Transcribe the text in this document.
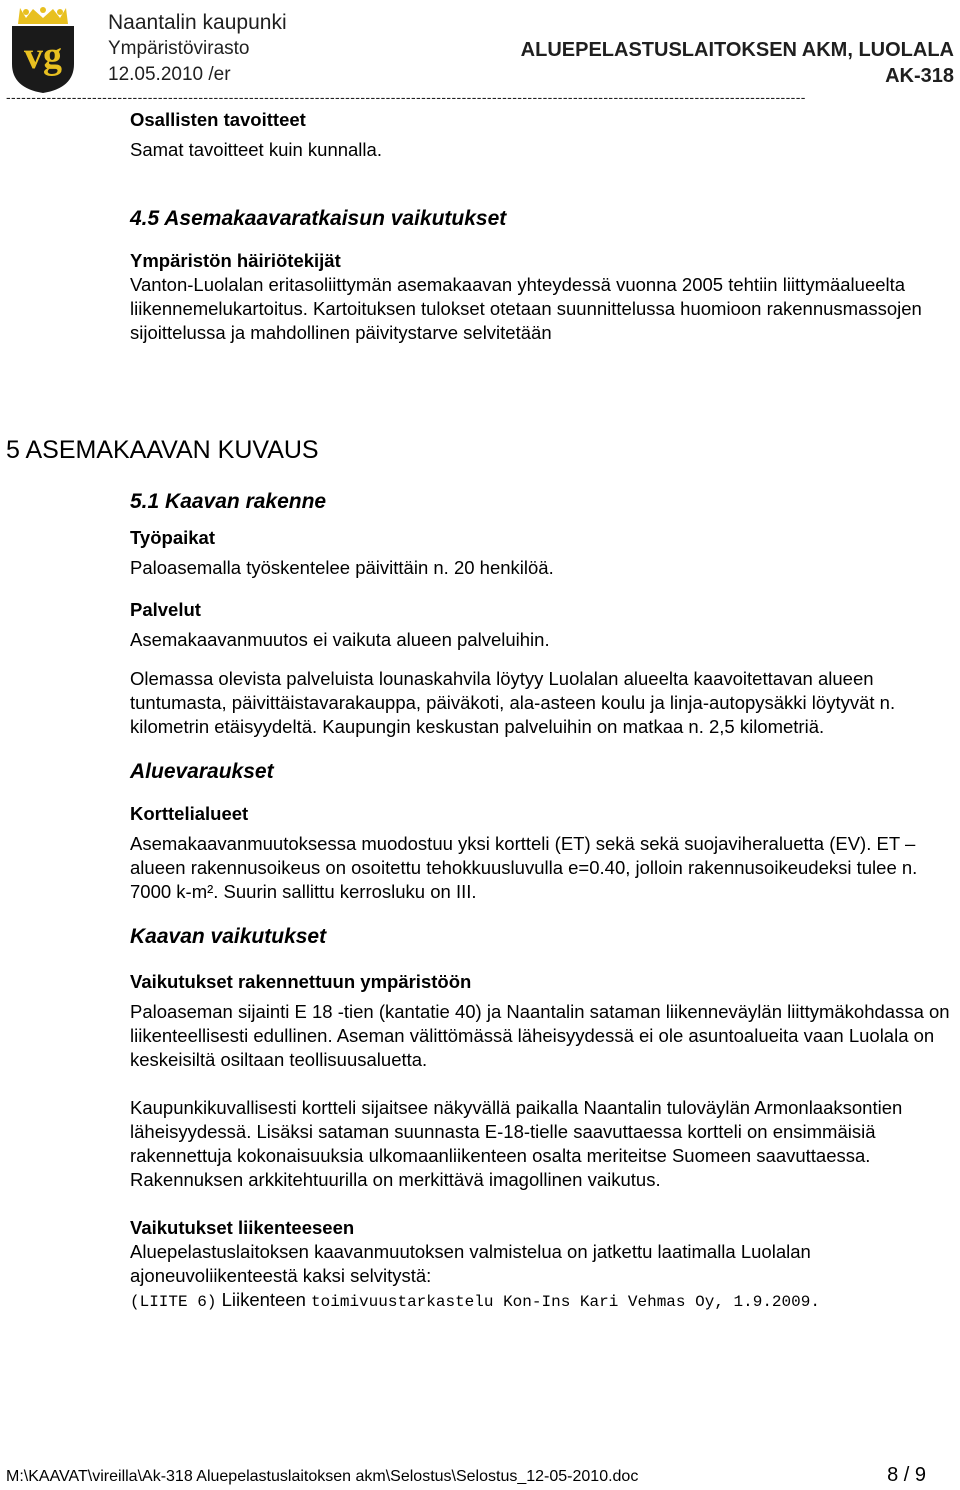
vg
Naantalin kaupunki
Ympäristövirasto
12.05.2010 /er
ALUEPELASTUSLAITOKSEN AKM, LUOLALA
AK-318
--------------------------------------------------------------------------------------------------------------------------------------------------------------

Osallisten tavoitteet

Samat tavoitteet kuin kunnalla.

4.5 Asemakaavaratkaisun vaikutukset

Ympäristön häiriötekijät

Vanton-Luolalan eritasoliittymän asemakaavan yhteydessä vuonna 2005 tehtiin liittymäalueelta liikennemelukartoitus. Kartoituksen tulokset otetaan suunnittelussa huomioon rakennusmassojen sijoittelussa ja mahdollinen päivitystarve selvitetään

5 ASEMAKAAVAN KUVAUS

5.1 Kaavan rakenne

Työpaikat

Paloasemalla työskentelee päivittäin n. 20 henkilöä.

Palvelut

Asemakaavanmuutos ei vaikuta alueen palveluihin.

Olemassa olevista palveluista lounaskahvila löytyy Luolalan alueelta kaavoitettavan alueen tuntumasta, päivittäistavarakauppa, päiväkoti, ala-asteen koulu ja linja-autopysäkki löytyvät n. kilometrin etäisyydeltä. Kaupungin keskustan palveluihin on matkaa n. 2,5 kilometriä.

Aluevaraukset

Korttelialueet

Asemakaavanmuutoksessa muodostuu yksi kortteli (ET) sekä sekä suojaviheraluetta (EV). ET –alueen rakennusoikeus on osoitettu tehokkuusluvulla e=0.40, jolloin rakennusoikeudeksi tulee n. 7000 k-m². Suurin sallittu kerrosluku on III.

Kaavan vaikutukset

Vaikutukset rakennettuun ympäristöön

Paloaseman sijainti E 18 -tien (kantatie 40) ja Naantalin sataman liikenneväylän liittymäkohdassa on liikenteellisesti edullinen. Aseman välittömässä läheisyydessä ei ole asuntoalueita vaan Luolala on keskeisiltä osiltaan teollisuusaluetta.

Kaupunkikuvallisesti kortteli sijaitsee näkyvällä paikalla Naantalin tuloväylän Armonlaaksontien läheisyydessä. Lisäksi sataman suunnasta E-18-tielle saavuttaessa kortteli on ensimmäisiä rakennettuja kokonaisuuksia ulkomaanliikenteen osalta meriteitse Suomeen saavuttaessa. Rakennuksen arkkitehtuurilla on merkittävä imagollinen vaikutus.

Vaikutukset liikenteeseen

Aluepelastuslaitoksen kaavanmuutoksen valmistelua on jatkettu laatimalla Luolalan ajoneuvoliikenteestä kaksi selvitystä:

(LIITE 6) Liikenteen toimivuustarkastelu Kon-Ins Kari Vehmas Oy, 1.9.2009.

M:\KAAVAT\vireilla\Ak-318 Aluepelastuslaitoksen akm\Selostus\Selostus_12-05-2010.doc	8 / 9
